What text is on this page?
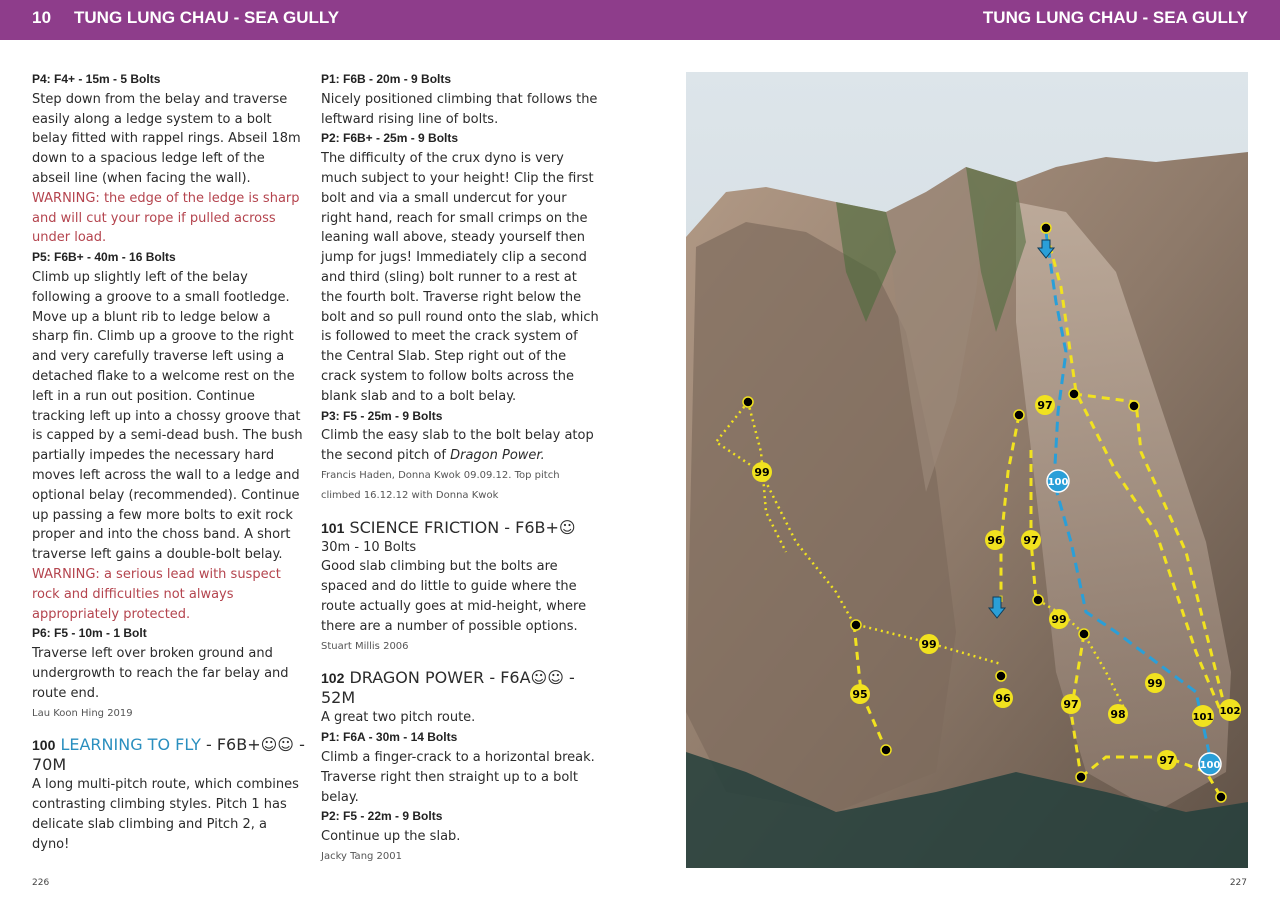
10 TUNG LUNG CHAU - SEA GULLY	TUNG LUNG CHAU - SEA GULLY

P4: F4+ - 15m - 5 Bolts

Step down from the belay and traverse easily along a ledge system to a bolt belay fitted with rappel rings. Abseil 18m down to a spacious ledge left of the abseil line (when facing the wall).

WARNING: the edge of the ledge is sharp and will cut your rope if pulled across under load.

P5: F6B+ - 40m - 16 Bolts

Climb up slightly left of the belay following a groove to a small footledge. Move up a blunt rib to ledge below a sharp fin. Climb up a groove to the right and very carefully traverse left using a detached flake to a welcome rest on the left in a run out position. Continue tracking left up into a chossy groove that is capped by a semi-dead bush. The bush partially impedes the necessary hard moves left across the wall to a ledge and optional belay (recommended). Continue up passing a few more bolts to exit rock proper and into the choss band. A short traverse left gains a double-bolt belay.

WARNING: a serious lead with suspect rock and difficulties not always appropriately protected.

P6: F5 - 10m - 1 Bolt

Traverse left over broken ground and undergrowth to reach the far belay and route end.

Lau Koon Hing 2019

100 LEARNING TO FLY - F6B+☺☺ - 70M

A long multi-pitch route, which combines contrasting climbing styles. Pitch 1 has delicate slab climbing and Pitch 2, a dyno!

P1: F6B - 20m - 9 Bolts

Nicely positioned climbing that follows the leftward rising line of bolts.

P2: F6B+ - 25m - 9 Bolts

The difficulty of the crux dyno is very much subject to your height! Clip the first bolt and via a small undercut for your right hand, reach for small crimps on the leaning wall above, steady yourself then jump for jugs! Immediately clip a second and third (sling) bolt runner to a rest at the fourth bolt. Traverse right below the bolt and so pull round onto the slab, which is followed to meet the crack system of the Central Slab. Step right out of the crack system to follow bolts across the blank slab and to a bolt belay.

P3: F5 - 25m - 9 Bolts

Climb the easy slab to the bolt belay atop the second pitch of Dragon Power.

Francis Haden, Donna Kwok 09.09.12. Top pitch climbed 16.12.12 with Donna Kwok

101 SCIENCE FRICTION - F6B+☺

30m - 10 Bolts

Good slab climbing but the bolts are spaced and do little to guide where the route actually goes at mid-height, where there are a number of possible options.

Stuart Millis 2006

102 DRAGON POWER - F6A☺☺ - 52M

A great two pitch route.

P1: F6A - 30m - 14 Bolts

Climb a finger-crack to a horizontal break. Traverse right then straight up to a bolt belay.

P2: F5 - 22m - 9 Bolts

Continue up the slab.

Jacky Tang 2001

99
97
100
96 97
99
99
95	96	97
98
99
101
102
97 100
226	227
